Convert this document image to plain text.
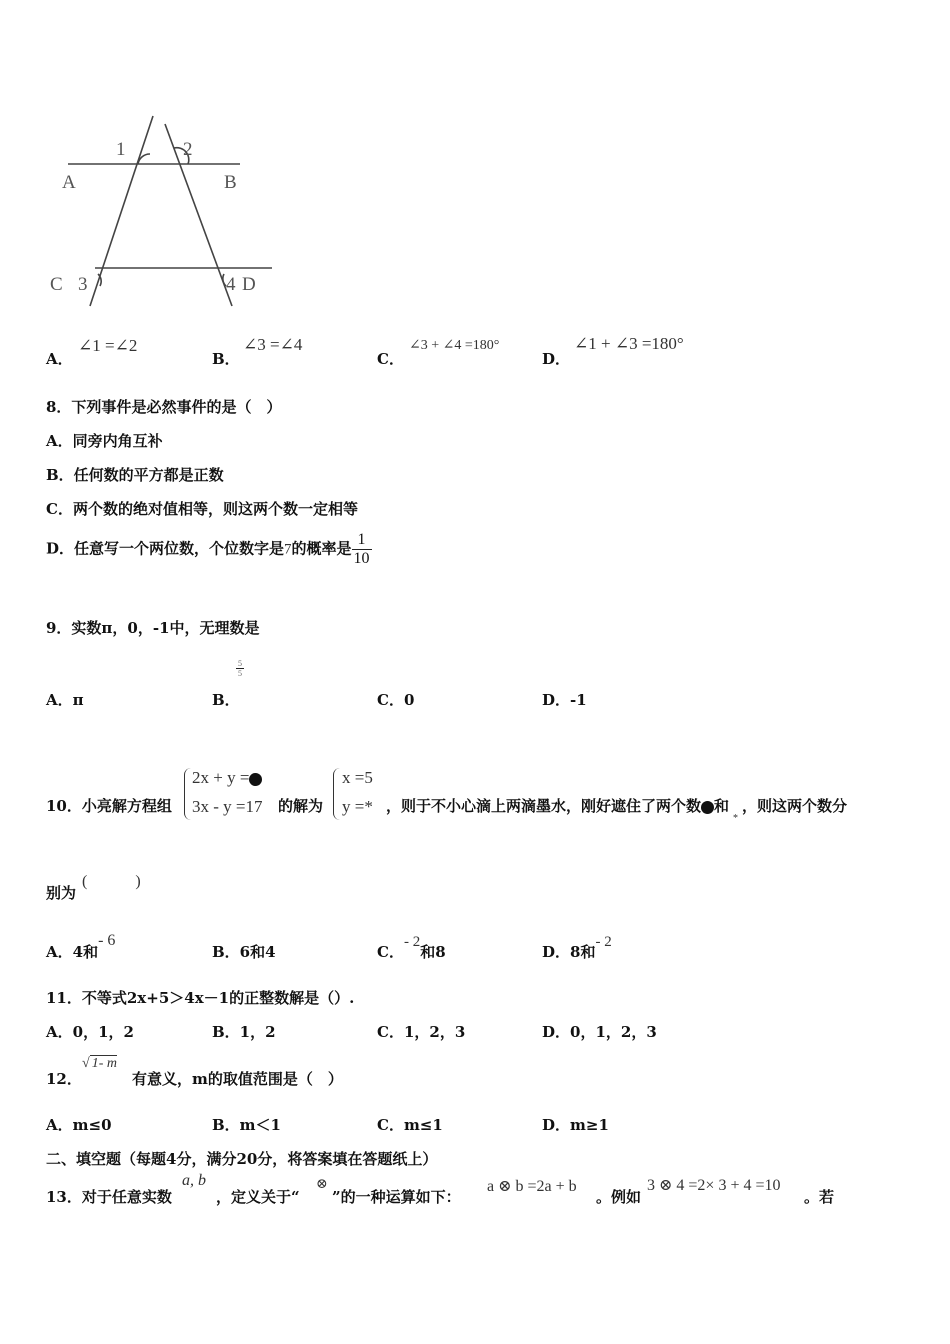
1	2
A	B
C 3	4 D
A．
∠1 =∠2
B．
∠3 =∠4
C．
∠3 + ∠4 =180°
D．
∠1 + ∠3 =180°
8．下列事件是必然事件的是（　）
A．同旁内角互补
B．任何数的平方都是正数
C．两个数的绝对值相等，则这两个数一定相等
D．任意写一个两位数，个位数字是7的概率是 $\frac{1}{10}$
9．实数π，0，-1中，无理数是
A．π	B．
$\frac{5}{5}$
C．0	D．-1
10．小亮解方程组
2x + y =
3x - y =17 的解为
x =5
y =* ，则于不小心滴上两滴墨水，刚好遮住了两个数 和$_*$，则这两个数分
别为
(　　　)
A．4和- 6
B．6和4	C．- 2和8	D．8和- 2
11．不等式2x+5＞4x－1的正整数解是（）.
A．0，1，2	B．1，2	C．1，2，3	D．0，1，2，3
12．
√ 1- m
有意义，m的取值范围是（　）
A．m≤0	B．m＜1	C．m≤1	D．m≥1
二、填空题（每题4分，满分20分，将答案填在答题纸上）
13．对于任意实数
a, b
，定义关于“
⊗
”的一种运算如下：
a ⊗ b =2a + b
。例如
3 ⊗ 4 =2× 3 + 4 =10
。若
